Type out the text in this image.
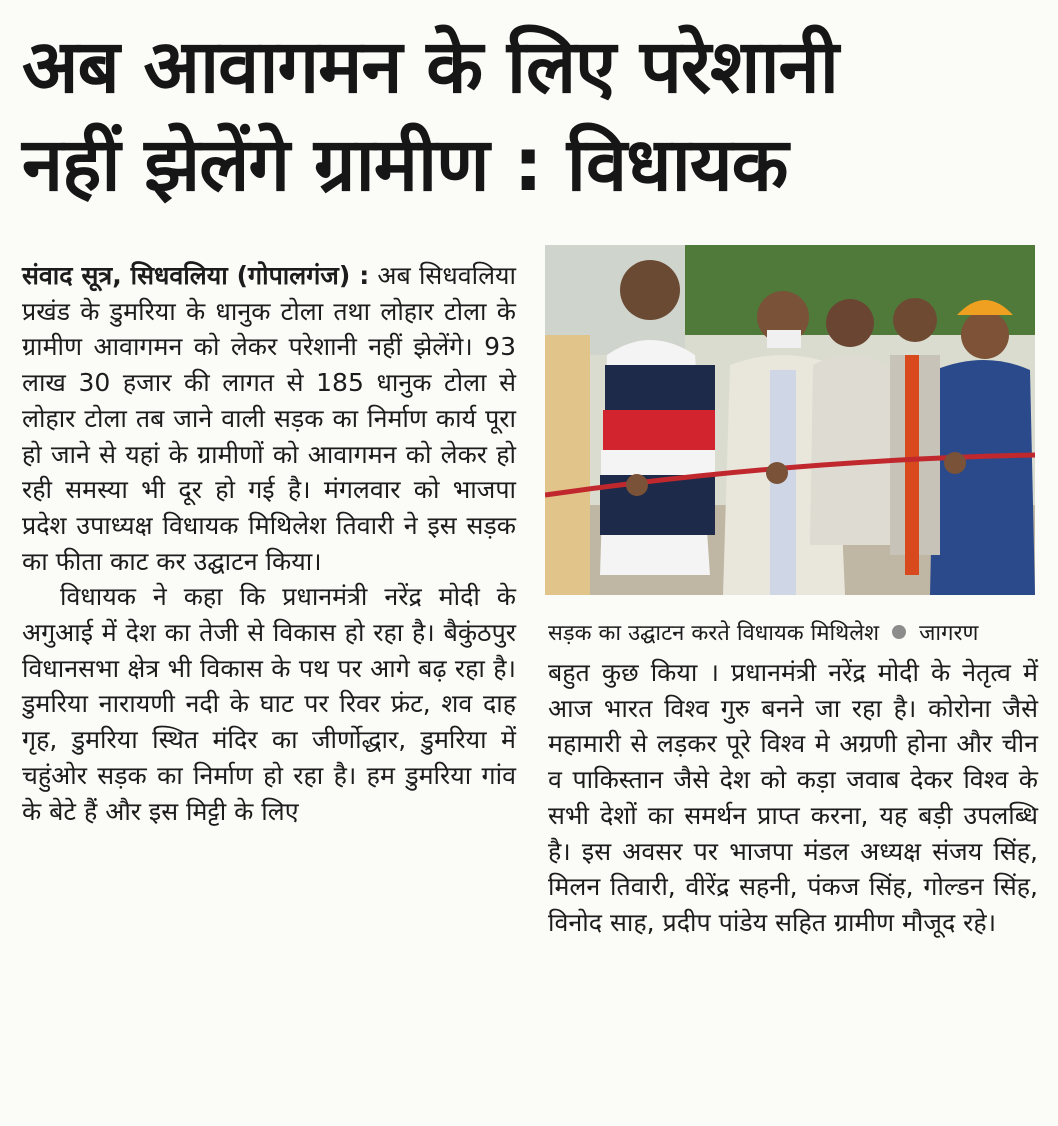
अब आवागमन के लिए परेशानी
नहीं झेलेंगे ग्रामीण : विधायक

संवाद सूत्र, सिधवलिया (गोपालगंज) : अब सिधवलिया प्रखंड के डुमरिया के धानुक टोला तथा लोहार टोला के ग्रामीण आवागमन को लेकर परेशानी नहीं झेलेंगे। 93 लाख 30 हजार की लागत से 185 धानुक टोला से लोहार टोला तब जाने वाली सड़क का निर्माण कार्य पूरा हो जाने से यहां के ग्रामीणों को आवागमन को लेकर हो रही समस्या भी दूर हो गई है। मंगलवार को भाजपा प्रदेश उपाध्यक्ष विधायक मिथिलेश तिवारी ने इस सड़क का फीता काट कर उद्घाटन किया।

विधायक ने कहा कि प्रधानमंत्री नरेंद्र मोदी के अगुआई में देश का तेजी से विकास हो रहा है। बैकुंठपुर विधानसभा क्षेत्र भी विकास के पथ पर आगे बढ़ रहा है। डुमरिया नारायणी नदी के घाट पर रिवर फ्रंट, शव दाह गृह, डुमरिया स्थित मंदिर का जीर्णोद्धार, डुमरिया में चहुंओर सड़क का निर्माण हो रहा है। हम डुमरिया गांव के बेटे हैं और इस मिट्टी के लिए

सड़क का उद्घाटन करते विधायक मिथिलेश जागरण

बहुत कुछ किया । प्रधानमंत्री नरेंद्र मोदी के नेतृत्व में आज भारत विश्व गुरु बनने जा रहा है। कोरोना जैसे महामारी से लड़कर पूरे विश्व मे अग्रणी होना और चीन व पाकिस्तान जैसे देश को कड़ा जवाब देकर विश्व के सभी देशों का समर्थन प्राप्त करना, यह बड़ी उपलब्धि है। इस अवसर पर भाजपा मंडल अध्यक्ष संजय सिंह, मिलन तिवारी, वीरेंद्र सहनी, पंकज सिंह, गोल्डन सिंह, विनोद साह, प्रदीप पांडेय सहित ग्रामीण मौजूद रहे।
